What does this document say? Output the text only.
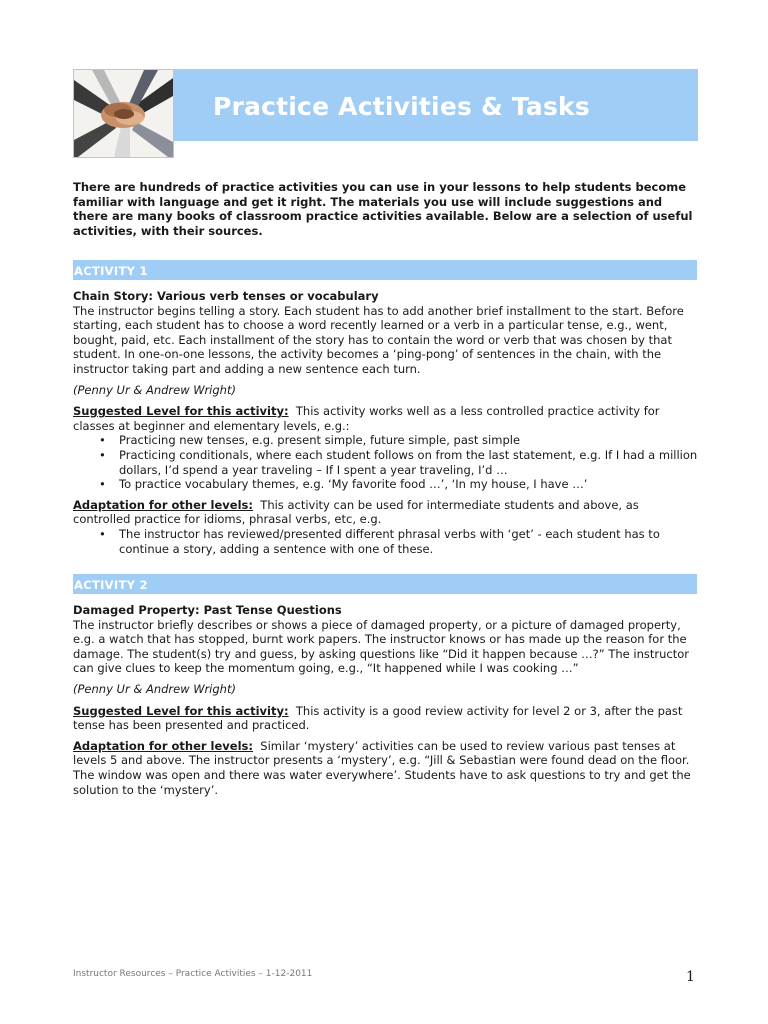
Practice Activities & Tasks
There are hundreds of practice activities you can use in your lessons to help students become familiar with language and get it right. The materials you use will include suggestions and there are many books of classroom practice activities available. Below are a selection of useful activities, with their sources.
ACTIVITY 1
Chain Story: Various verb tenses or vocabulary

The instructor begins telling a story. Each student has to add another brief installment to the start. Before starting, each student has to choose a word recently learned or a verb in a particular tense, e.g., went, bought, paid, etc. Each installment of the story has to contain the word or verb that was chosen by that student. In one-on-one lessons, the activity becomes a ‘ping-pong’ of sentences in the chain, with the instructor taking part and adding a new sentence each turn.

(Penny Ur & Andrew Wright)

Suggested Level for this activity: This activity works well as a less controlled practice activity for classes at beginner and elementary levels, e.g.:

• Practicing new tenses, e.g. present simple, future simple, past simple
• Practicing conditionals, where each student follows on from the last statement, e.g. If I had a million dollars, I’d spend a year traveling – If I spent a year traveling, I’d …
• To practice vocabulary themes, e.g. ‘My favorite food …’, ‘In my house, I have …’

Adaptation for other levels: This activity can be used for intermediate students and above, as controlled practice for idioms, phrasal verbs, etc, e.g.

• The instructor has reviewed/presented different phrasal verbs with ‘get’ - each student has to continue a story, adding a sentence with one of these.
ACTIVITY 2
Damaged Property: Past Tense Questions

The instructor briefly describes or shows a piece of damaged property, or a picture of damaged property, e.g. a watch that has stopped, burnt work papers. The instructor knows or has made up the reason for the damage. The student(s) try and guess, by asking questions like “Did it happen because …?” The instructor can give clues to keep the momentum going, e.g., “It happened while I was cooking …”

(Penny Ur & Andrew Wright)

Suggested Level for this activity: This activity is a good review activity for level 2 or 3, after the past tense has been presented and practiced.

Adaptation for other levels: Similar ‘mystery’ activities can be used to review various past tenses at levels 5 and above. The instructor presents a ‘mystery’, e.g. “Jill & Sebastian were found dead on the floor. The window was open and there was water everywhere’. Students have to ask questions to try and get the solution to the ‘mystery’.

Instructor Resources – Practice Activities – 1-12-2011	1
